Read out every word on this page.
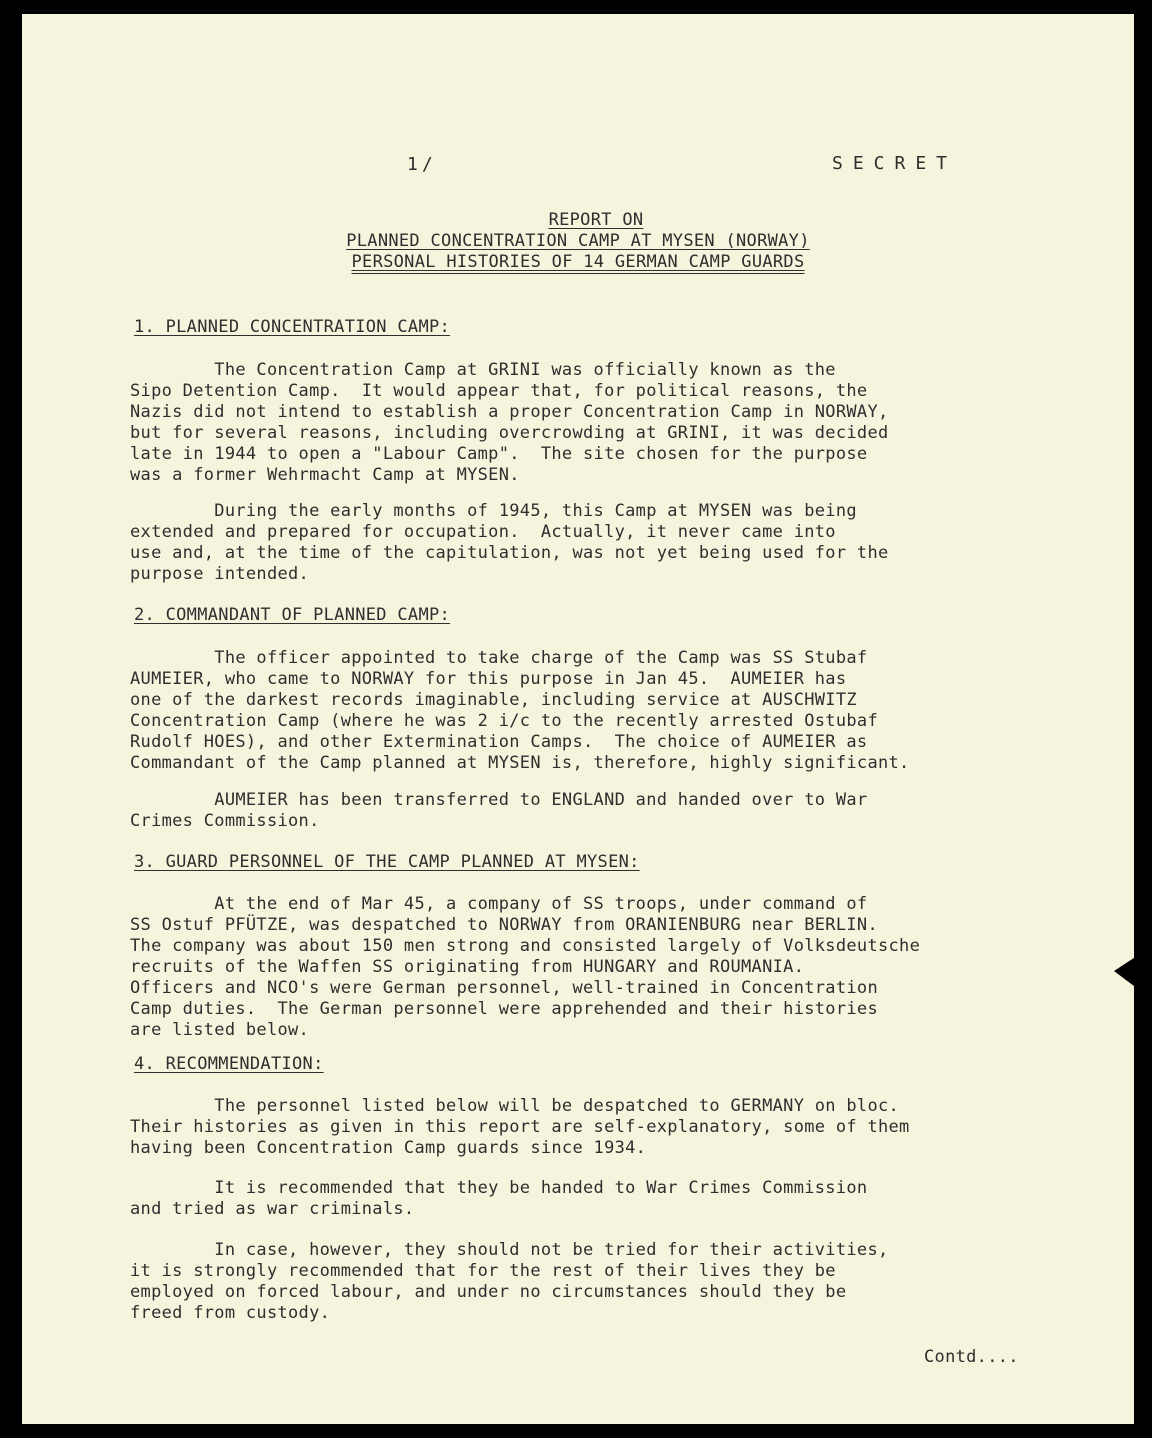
1/	SECRET
REPORT ON
PLANNED CONCENTRATION CAMP AT MYSEN (NORWAY)
PERSONAL HISTORIES OF 14 GERMAN CAMP GUARDS
1. PLANNED CONCENTRATION CAMP:
The Concentration Camp at GRINI was officially known as the
Sipo Detention Camp.  It would appear that, for political reasons, the
Nazis did not intend to establish a proper Concentration Camp in NORWAY,
but for several reasons, including overcrowding at GRINI, it was decided
late in 1944 to open a "Labour Camp".  The site chosen for the purpose
was a former Wehrmacht Camp at MYSEN.
During the early months of 1945, this Camp at MYSEN was being
extended and prepared for occupation.  Actually, it never came into
use and, at the time of the capitulation, was not yet being used for the
purpose intended.
2. COMMANDANT OF PLANNED CAMP:
The officer appointed to take charge of the Camp was SS Stubaf
AUMEIER, who came to NORWAY for this purpose in Jan 45.  AUMEIER has
one of the darkest records imaginable, including service at AUSCHWITZ
Concentration Camp (where he was 2 i/c to the recently arrested Ostubaf
Rudolf HOES), and other Extermination Camps.  The choice of AUMEIER as
Commandant of the Camp planned at MYSEN is, therefore, highly significant.
AUMEIER has been transferred to ENGLAND and handed over to War
Crimes Commission.
3. GUARD PERSONNEL OF THE CAMP PLANNED AT MYSEN:
At the end of Mar 45, a company of SS troops, under command of
SS Ostuf PFÜTZE, was despatched to NORWAY from ORANIENBURG near BERLIN.
The company was about 150 men strong and consisted largely of Volksdeutsche
recruits of the Waffen SS originating from HUNGARY and ROUMANIA.
Officers and NCO's were German personnel, well-trained in Concentration
Camp duties.  The German personnel were apprehended and their histories
are listed below.
4. RECOMMENDATION:
The personnel listed below will be despatched to GERMANY on bloc.
Their histories as given in this report are self-explanatory, some of them
having been Concentration Camp guards since 1934.
It is recommended that they be handed to War Crimes Commission
and tried as war criminals.
In case, however, they should not be tried for their activities,
it is strongly recommended that for the rest of their lives they be
employed on forced labour, and under no circumstances should they be
freed from custody.
Contd....
